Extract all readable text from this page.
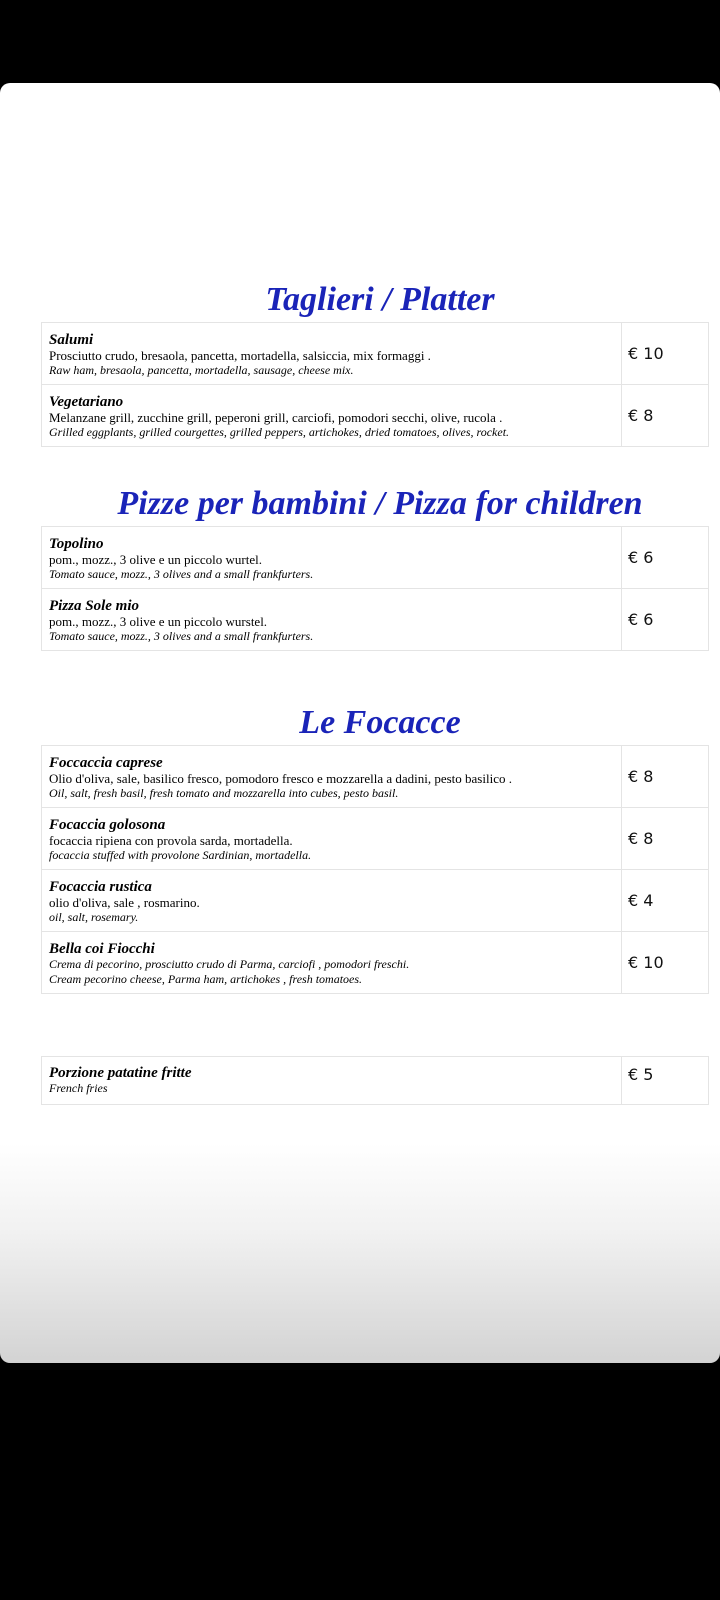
Taglieri / Platter
Salumi
Prosciutto crudo, bresaola, pancetta, mortadella, salsiccia, mix formaggi .
Raw ham, bresaola, pancetta, mortadella, sausage, cheese mix.	€ 10

Vegetariano
Melanzane grill, zucchine grill, peperoni grill, carciofi, pomodori secchi, olive, rucola .
Grilled eggplants, grilled courgettes, grilled peppers, artichokes, dried tomatoes, olives, rocket.	€ 8
Pizze per bambini / Pizza for children
Topolino
pom., mozz., 3 olive e un piccolo wurtel.
Tomato sauce, mozz., 3 olives and a small frankfurters.	€ 6

Pizza Sole mio
pom., mozz., 3 olive e un piccolo wurstel.
Tomato sauce, mozz., 3 olives and a small frankfurters.	€ 6
Le Focacce
Foccaccia caprese
Olio d'oliva, sale, basilico fresco, pomodoro fresco e mozzarella a dadini, pesto basilico .
Oil, salt, fresh basil, fresh tomato and mozzarella into cubes, pesto basil.	€ 8

Focaccia golosona
focaccia ripiena con provola sarda, mortadella.
focaccia stuffed with provolone Sardinian, mortadella.	€ 8

Focaccia rustica
olio d'oliva, sale , rosmarino.
oil, salt, rosemary.	€ 4

Bella coi Fiocchi
Crema di pecorino, prosciutto crudo di Parma, carciofi , pomodori freschi.
Cream pecorino cheese, Parma ham, artichokes , fresh tomatoes.	€ 10
Porzione patatine fritte
French fries
	€ 5
